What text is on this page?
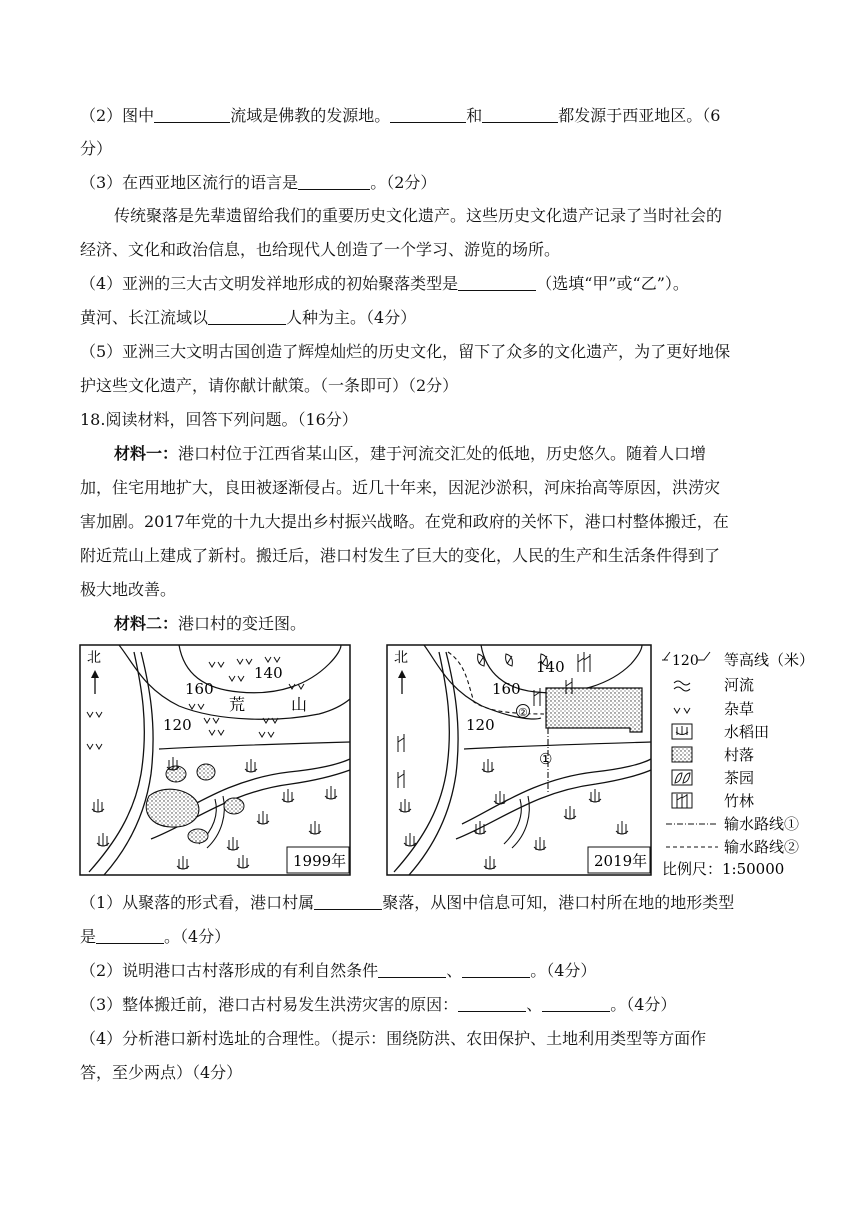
（2）图中	流域是佛教的发源地。	和	都发源于西亚地区。（6
分）
（3）在西亚地区流行的语言是	。（2分）
传统聚落是先辈遗留给我们的重要历史文化遗产。这些历史文化遗产记录了当时社会的
经济、文化和政治信息，也给现代人创造了一个学习、游览的场所。
（4）亚洲的三大古文明发祥地形成的初始聚落类型是	（选填“甲”或“乙”）。
黄河、长江流域以	人种为主。（4分）
（5）亚洲三大文明古国创造了辉煌灿烂的历史文化，留下了众多的文化遗产，为了更好地保
护这些文化遗产，请你献计献策。（一条即可）（2分）
18.阅读材料，回答下列问题。（16分）
材料一：港口村位于江西省某山区，建于河流交汇处的低地，历史悠久。随着人口增
加，住宅用地扩大，良田被逐渐侵占。近几十年来，因泥沙淤积，河床抬高等原因，洪涝灾
害加剧。2017年党的十九大提出乡村振兴战略。在党和政府的关怀下，港口村整体搬迁，在
附近荒山上建成了新村。搬迁后，港口村发生了巨大的变化，人民的生产和生活条件得到了
极大地改善。
材料二：港口村的变迁图。
北
160
140
120
荒	山
1999年
②
①
北
160
140
120
2019年
120 等高线（米）
河流
杂草
水稻田
村落
茶园
竹林
输水路线①
输水路线②
比例尺：1:50000
（1）从聚落的形式看，港口村属	聚落，从图中信息可知，港口村所在地的地形类型
是	。（4分）
（2）说明港口古村落形成的有利自然条件	、	。（4分）
（3）整体搬迁前，港口古村易发生洪涝灾害的原因：	、	。（4分）
（4）分析港口新村选址的合理性。（提示：围绕防洪、农田保护、土地利用类型等方面作
答，至少两点）（4分）
